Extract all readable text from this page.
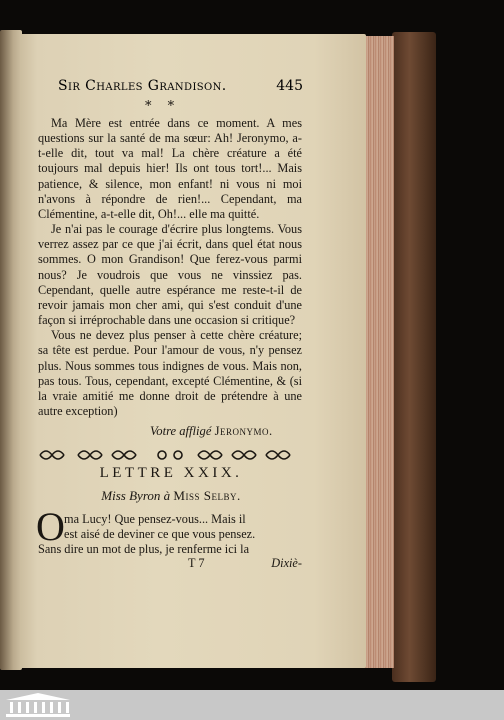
Sir Charles Grandison.	445
* *

Ma Mère est entrée dans ce moment. A mes questions sur la santé de ma sœur: Ah! Jeronymo, a-t-elle dit, tout va mal! La chère créature a été toujours mal depuis hier! Ils ont tous tort!... Mais patience, & silence, mon enfant! ni vous ni moi n'avons à répondre de rien!... Cependant, ma Clémentine, a-t-elle dit, Oh!... elle ma quitté.

Je n'ai pas le courage d'écrire plus longtems. Vous verrez assez par ce que j'ai écrit, dans quel état nous sommes. O mon Grandison! Que ferez-vous parmi nous? Je voudrois que vous ne vinssiez pas. Cependant, quelle autre espérance me reste-t-il de revoir jamais mon cher ami, qui s'est conduit d'une façon si irréprochable dans une occasion si critique?

Vous ne devez plus penser à cette chère créature; sa tête est perdue. Pour l'amour de vous, n'y pensez plus. Nous sommes tous indignes de vous. Mais non, pas tous. Tous, cependant, excepté Clémentine, & (si la vraie amitié me donne droit de prétendre à une autre exception)

Votre affligé Jeronymo.
LETTRE XXIX.
Miss Byron à Miss Selby.
O ma Lucy! Que pensez-vous... Mais il
est aisé de deviner ce que vous pensez.
Sans dire un mot de plus, je renferme ici la
T 7	Dixiè-
